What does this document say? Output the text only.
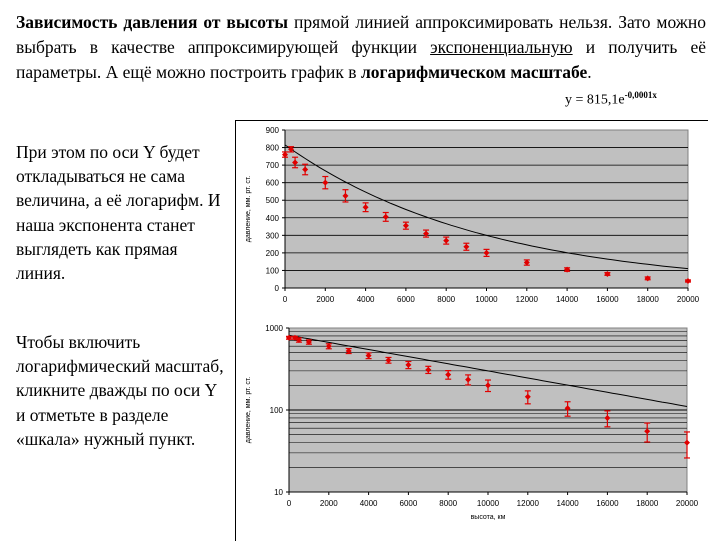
Зависимость давления от высоты прямой линией аппроксимировать нельзя. Зато можно выбрать в качестве аппроксимирующей функции экспоненциальную и получить её параметры. А ещё можно построить график в логарифмическом масштабе.

$y = 815,1e^{-0,0001x}$
При этом по оси Y будет откладываться не сама величина, а её логарифм. И наша экспонента станет выглядеть как прямая линия.
Чтобы включить логарифмический масштаб, кликните дважды по оси Y и отметьте в разделе «шкала» нужный пункт.
0
100
200
300
400
500
600
700
800
900
0	2000	4000	6000	8000	10000 12000 14000 16000 18000 20000
давление, мм. рт. ст.
10
100
1000
0	2000	4000	6000	8000 10000 12000 14000 16000 18000 20000
давление, мм. рт. ст.
высота, км
